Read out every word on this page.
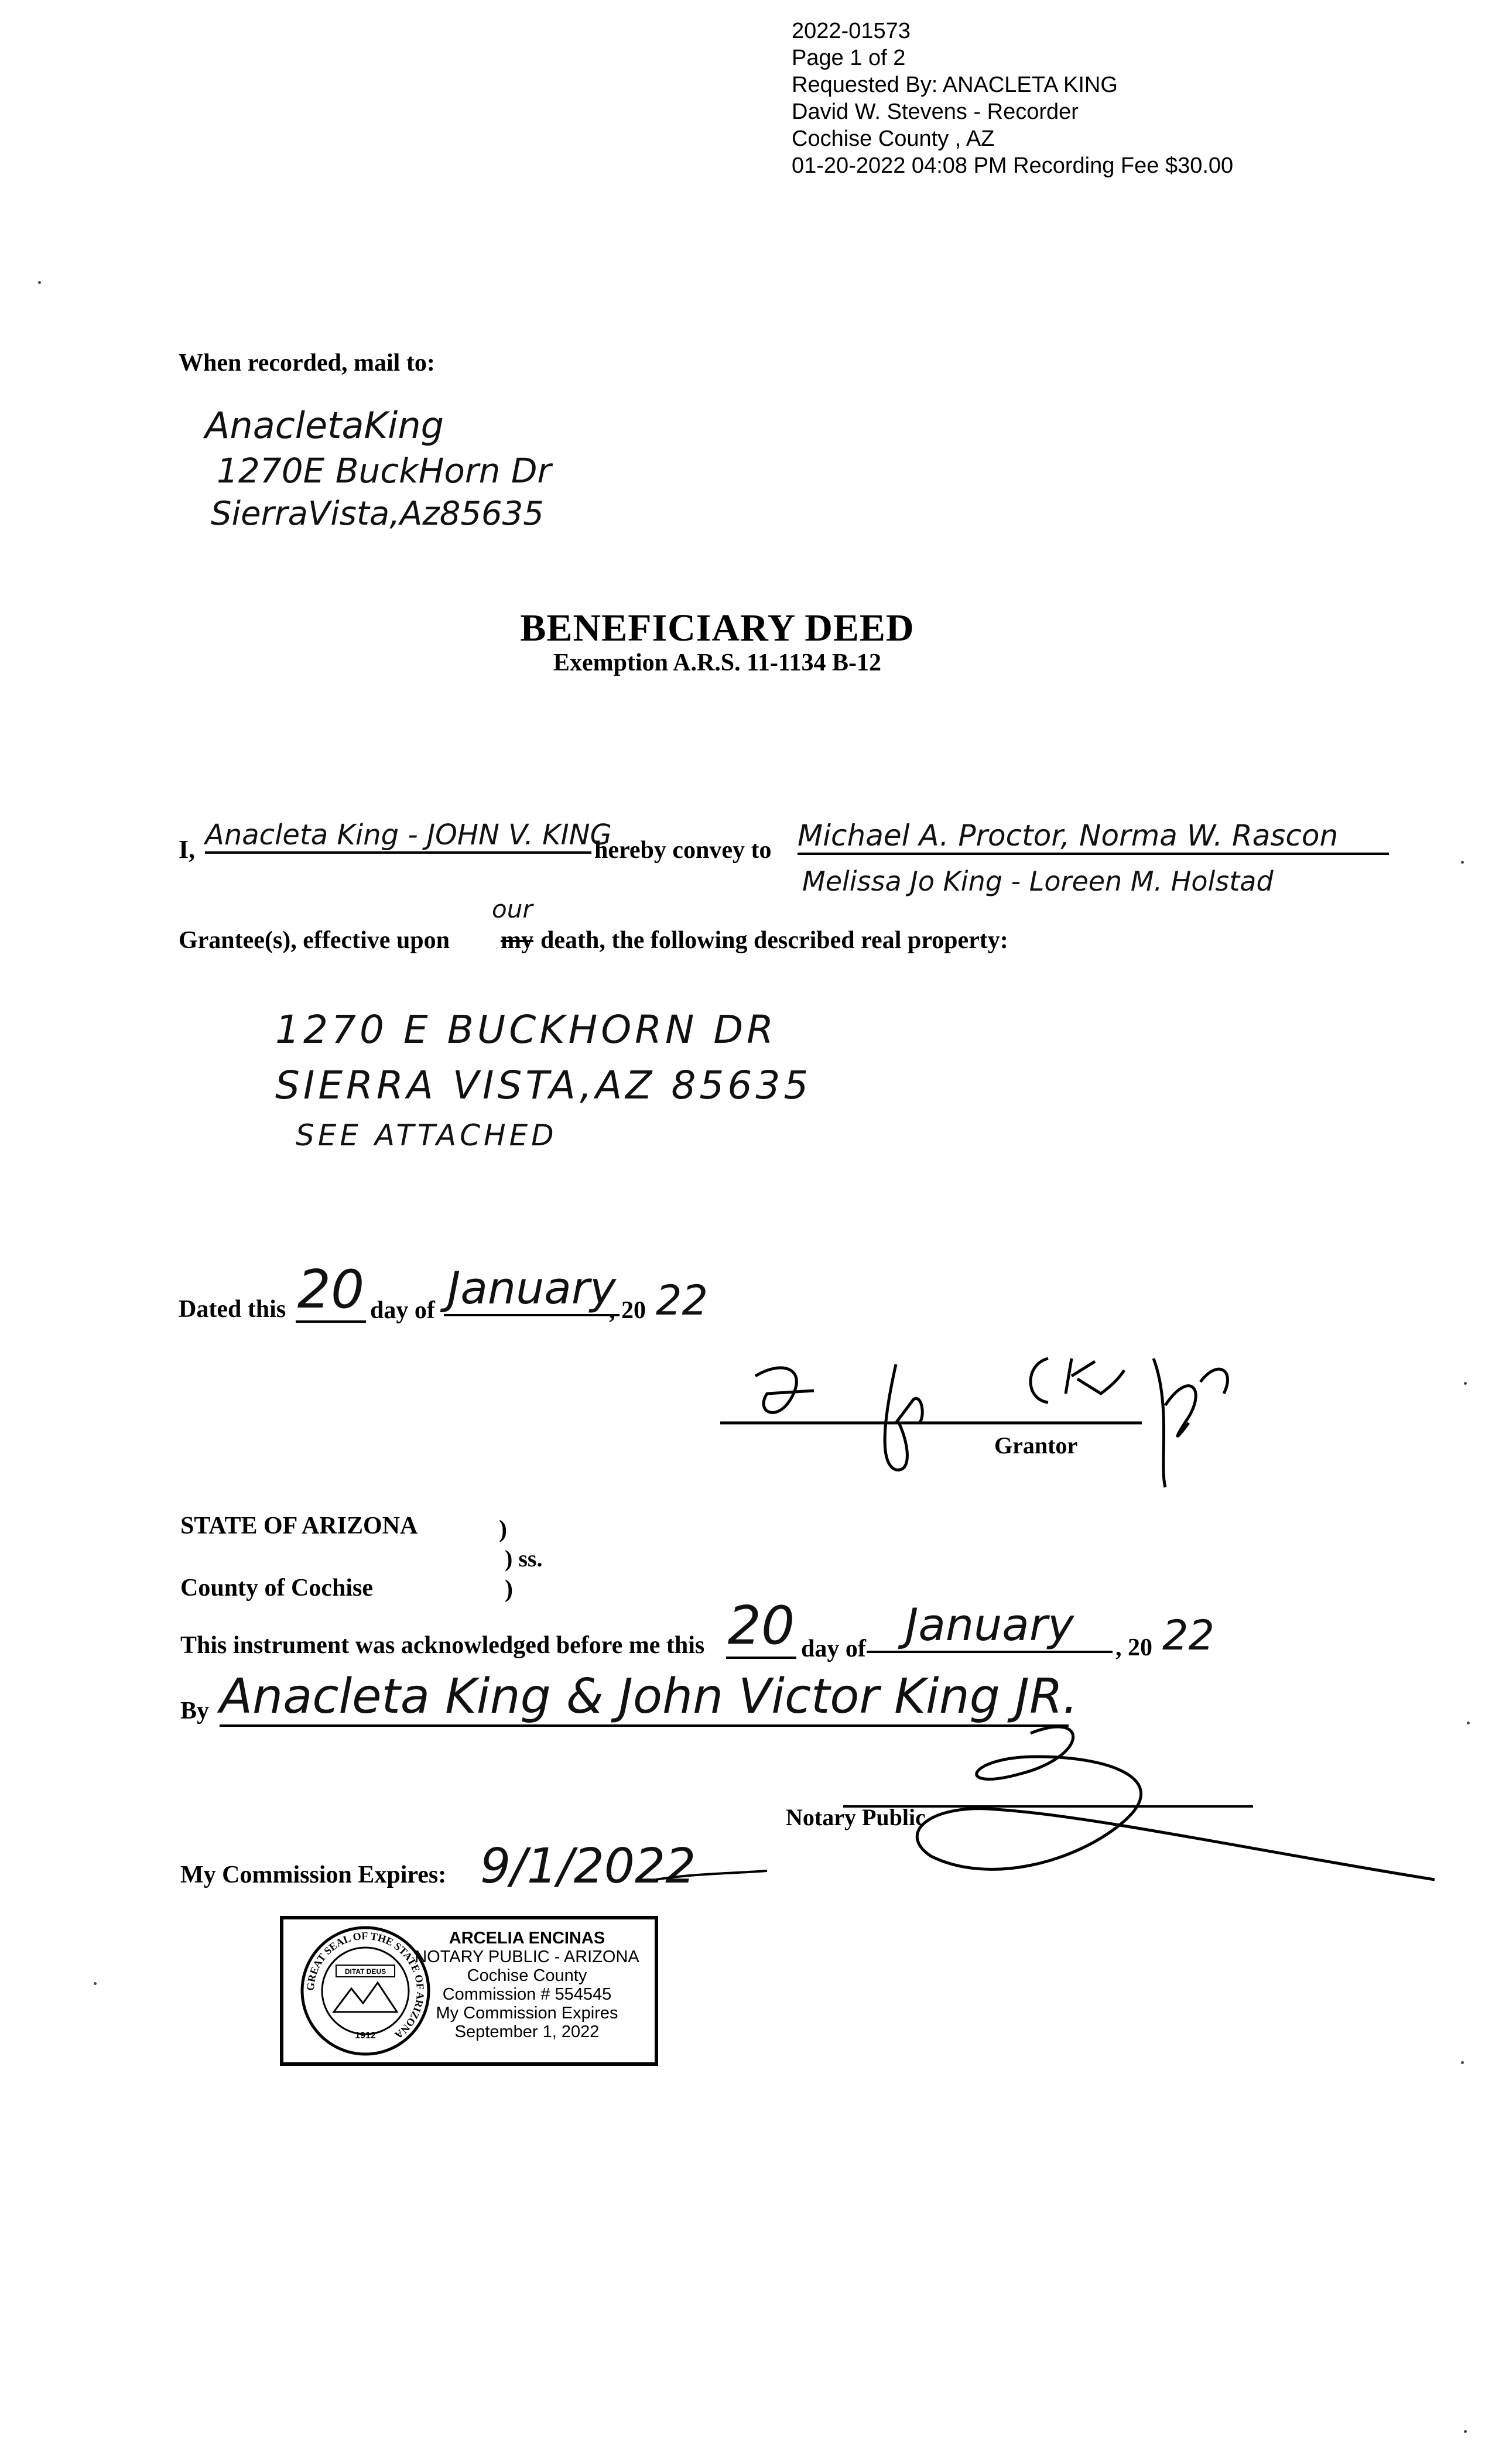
2022-01573
Page 1 of 2
Requested By: ANACLETA KING
David W. Stevens - Recorder
Cochise County , AZ
01-20-2022 04:08 PM Recording Fee $30.00
When recorded, mail to:
AnacletaKing
1270E BuckHorn Dr
SierraVista,Az85635
BENEFICIARY DEED
Exemption A.R.S. 11-1134 B-12
I, Anacleta King - JOHN V. KING
hereby convey to Michael A. Proctor, Norma W. Rascon
Melissa Jo King - Loreen M. Holstad
Grantee(s), effective upon my
our
death, the following described real property:
1270 E BUCKHORN DR
SIERRA VISTA,AZ 85635
SEE ATTACHED
Dated this 20 day of January
, 20 22
Grantor
STATE OF ARIZONA	)
) ss.
County of Cochise	)
This instrument was acknowledged before me this 20 day of January	, 20 22
By Anacleta King & John Victor King JR.
Notary Public
My Commission Expires: 9/1/2022
GREAT SEAL OF THE STATE OF ARIZONA
DITAT DEUS
1912
ARCELIA ENCINAS
NOTARY PUBLIC - ARIZONA
Cochise County
Commission # 554545
My Commission Expires
September 1, 2022
